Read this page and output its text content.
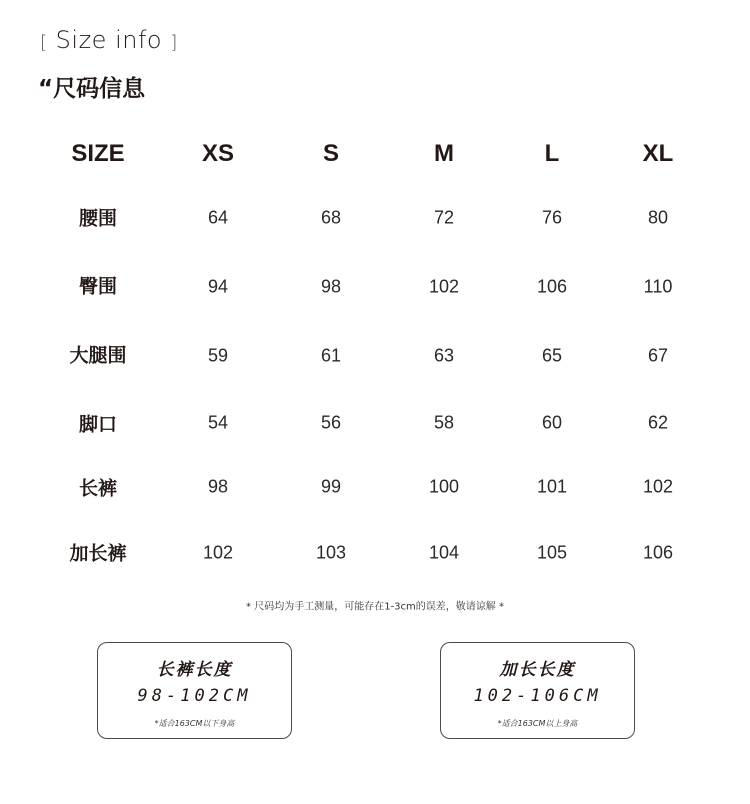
[ Size info ]
“尺码信息
SIZE	XS	S	M	L	XL
腰围	64	68	72	76	80
臀围	94	98	102	106	110
大腿围	59	61	63	65	67
脚口	54	56	58	60	62
长裤	98	99	100	101	102
加长裤	102	103	104	105	106
* 尺码均为手工测量，可能存在1-3cm的误差，敬请谅解 *
长裤长度
98-102CM
*适合163CM以下身高
加长长度
102-106CM
*适合163CM以上身高
